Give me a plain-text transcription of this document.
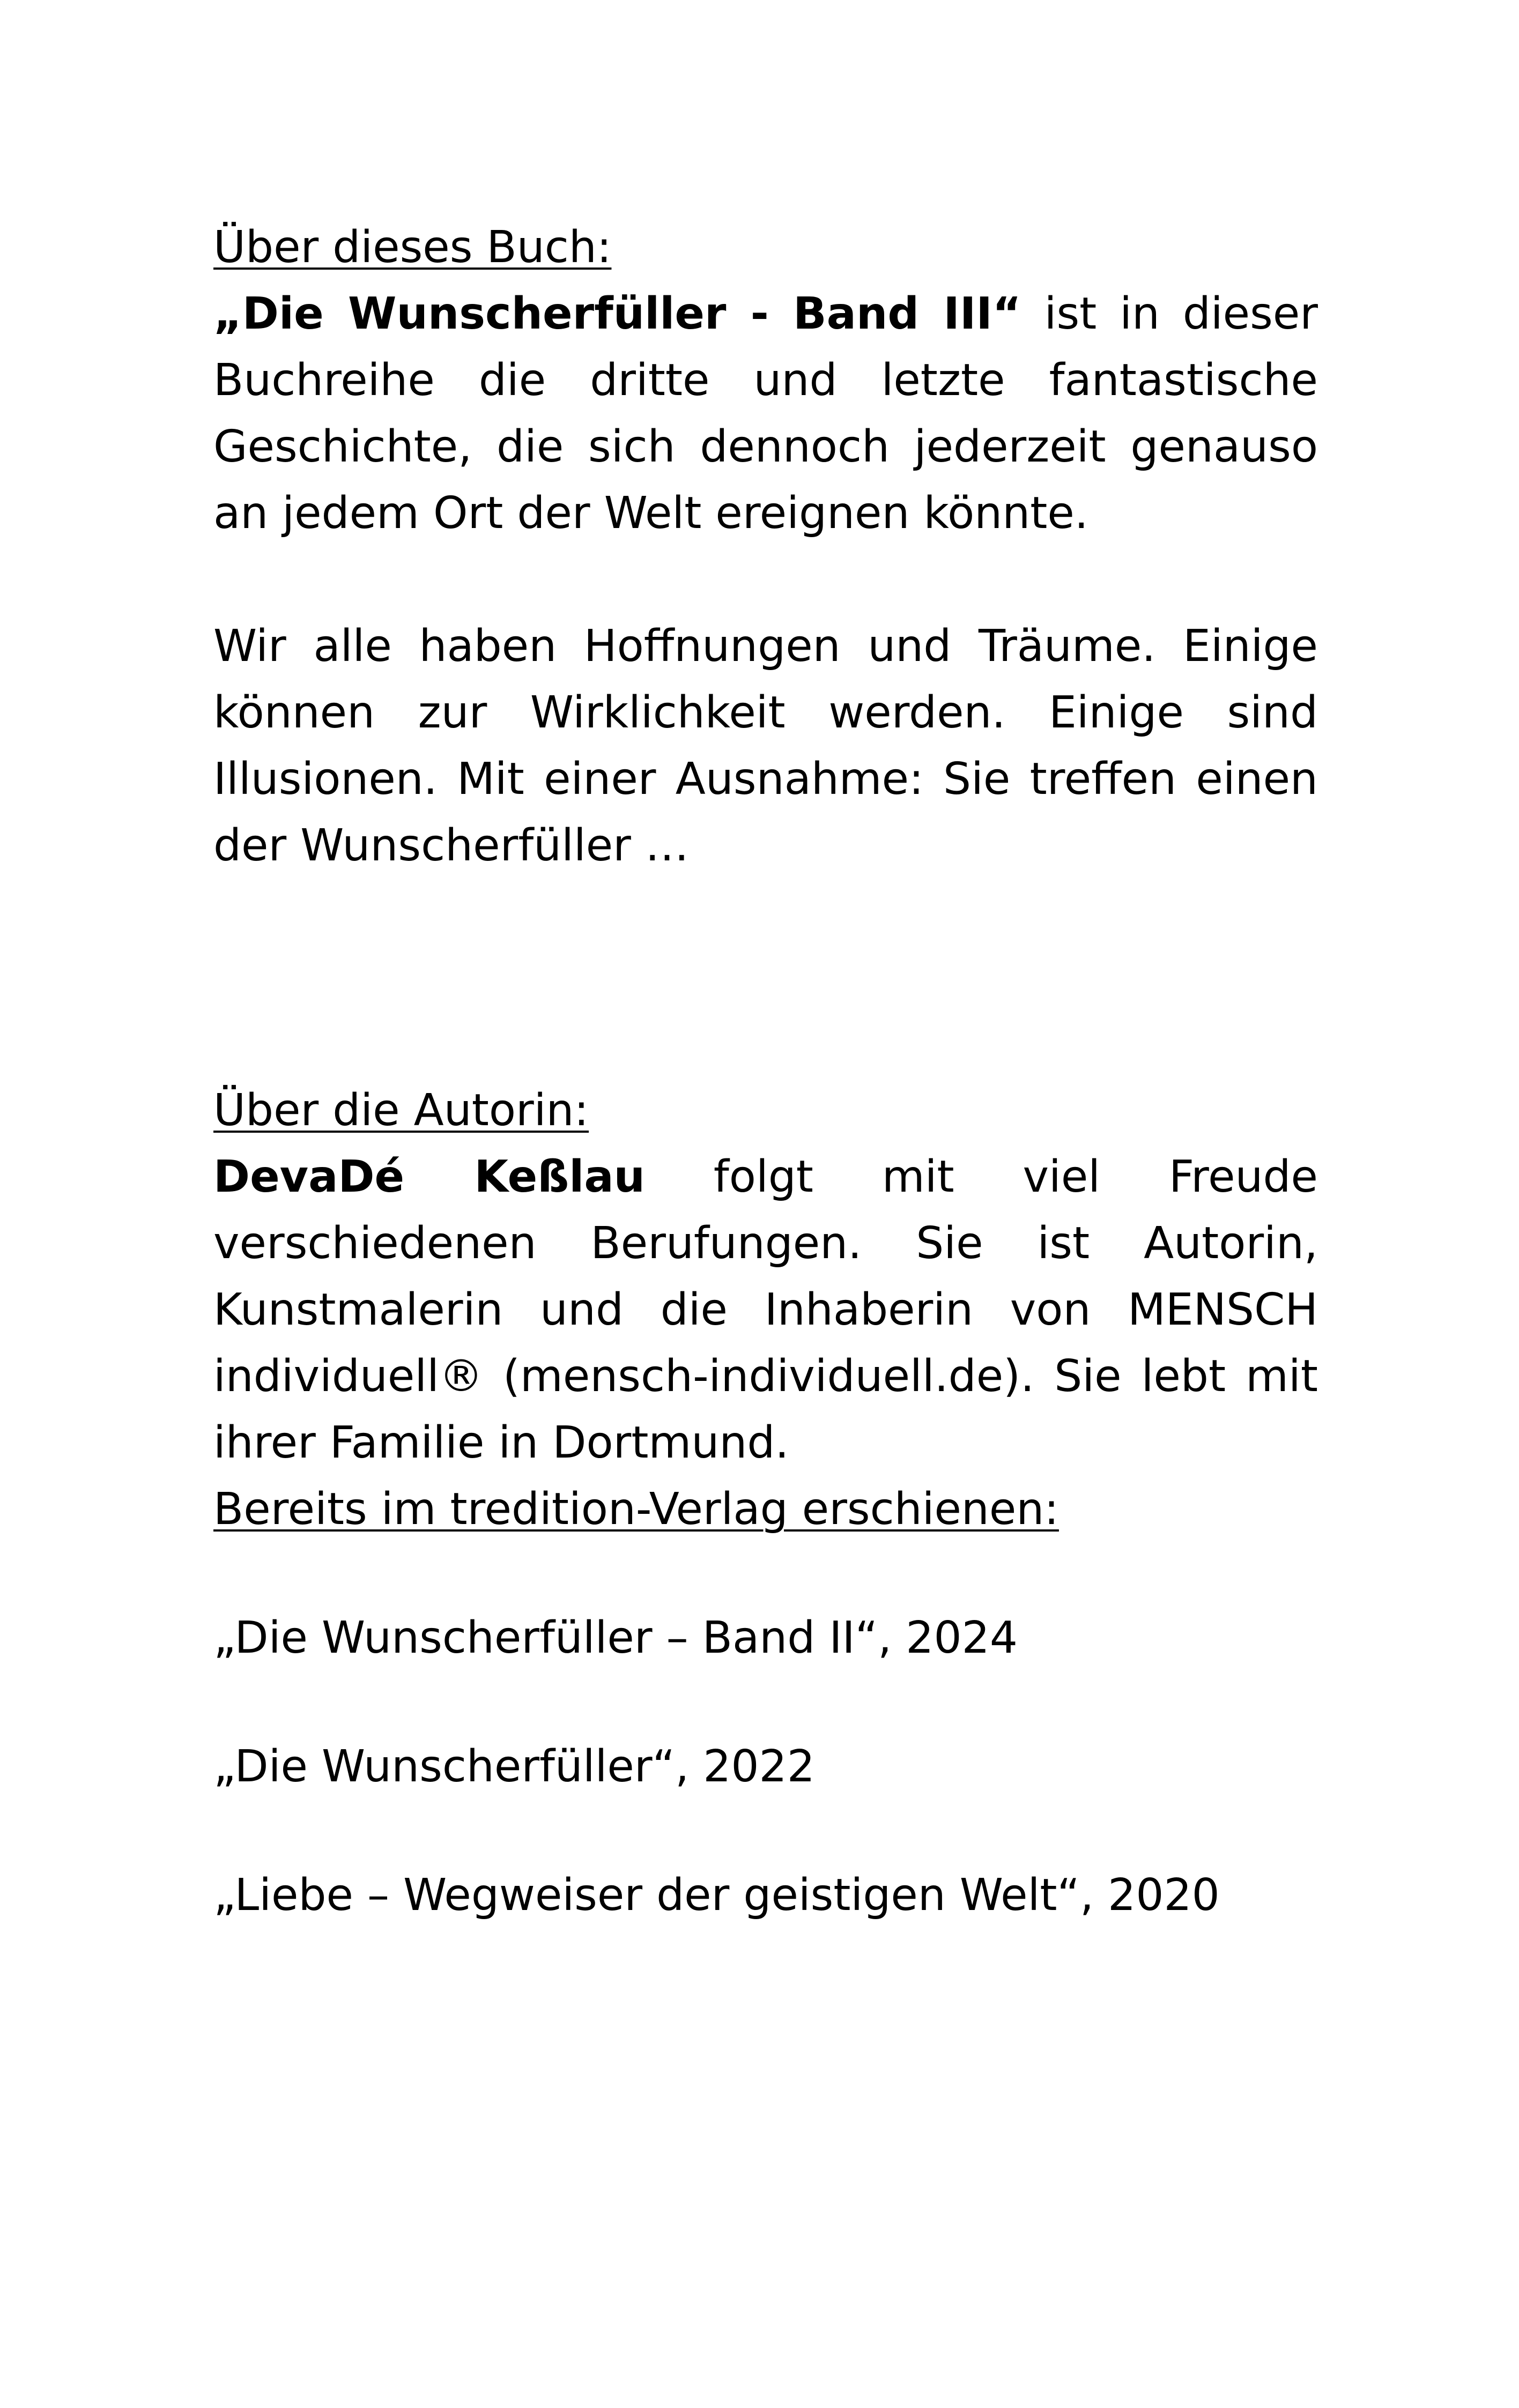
Über dieses Buch:

„Die Wunscherfüller - Band III“ ist in dieser Buchreihe die dritte und letzte fantastische Geschichte, die sich dennoch jederzeit genauso an jedem Ort der Welt ereignen könnte.

Wir alle haben Hoffnungen und Träume. Einige können zur Wirklichkeit werden. Einige sind Illusionen. Mit einer Ausnahme: Sie treffen einen der Wunscherfüller …

Über die Autorin:

DevaDé Keßlau folgt mit viel Freude verschiedenen Berufungen. Sie ist Autorin, Kunstmalerin und die Inhaberin von MENSCH individuell® (mensch-individuell.de). Sie lebt mit ihrer Familie in Dortmund.

Bereits im tredition-Verlag erschienen:

„Die Wunscherfüller – Band II“, 2024

„Die Wunscherfüller“, 2022

„Liebe – Wegweiser der geistigen Welt“, 2020
